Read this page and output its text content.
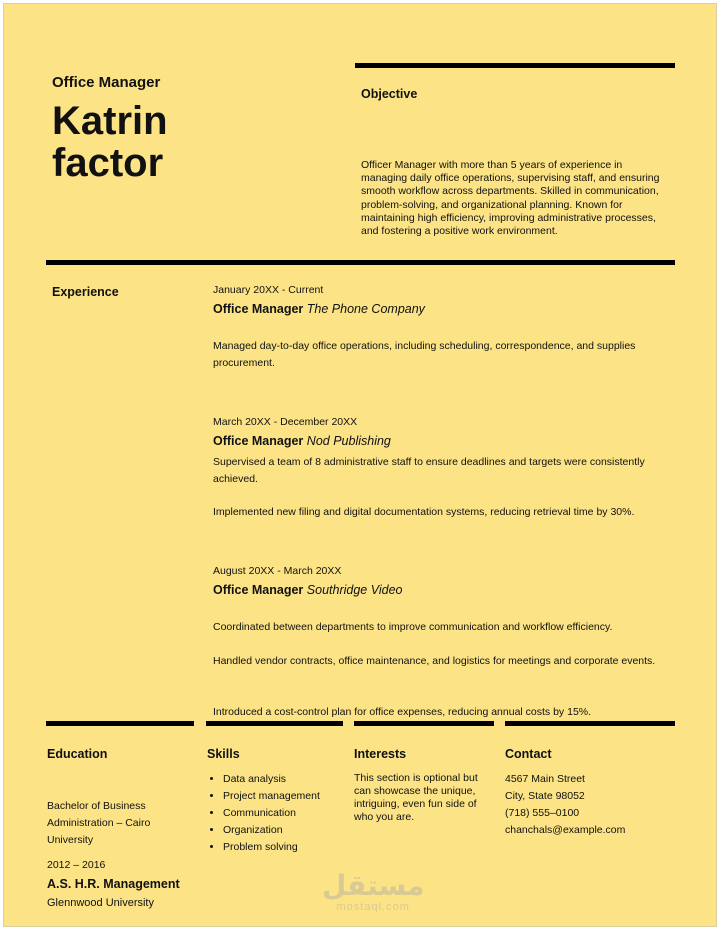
Office Manager
Katrin
factor
Objective
Officer Manager with more than 5 years of experience in managing daily office operations, supervising staff, and ensuring smooth workflow across departments. Skilled in communication, problem-solving, and organizational planning. Known for maintaining high efficiency, improving administrative processes, and fostering a positive work environment.
Experience	January 20XX - Current
Office Manager The Phone Company

Managed day-to-day office operations, including scheduling, correspondence, and supplies procurement.

March 20XX - December 20XX
Office Manager Nod Publishing

Supervised a team of 8 administrative staff to ensure deadlines and targets were consistently achieved.

Implemented new filing and digital documentation systems, reducing retrieval time by 30%.

August 20XX - March 20XX
Office Manager Southridge Video

Coordinated between departments to improve communication and workflow efficiency.

Handled vendor contracts, office maintenance, and logistics for meetings and corporate events.

Introduced a cost-control plan for office expenses, reducing annual costs by 15%.

Education
Bachelor of Business Administration – Cairo University
2012 – 2016
A.S. H.R. Management
Glennwood University
Skills
• Data analysis
• Project management
• Communication
• Organization
• Problem solving
Interests
This section is optional but can showcase the unique, intriguing, even fun side of who you are.
Contact
4567 Main Street
City, State 98052
(718) 555–0100
chanchals@example.com
مستقل
mostaql.com
